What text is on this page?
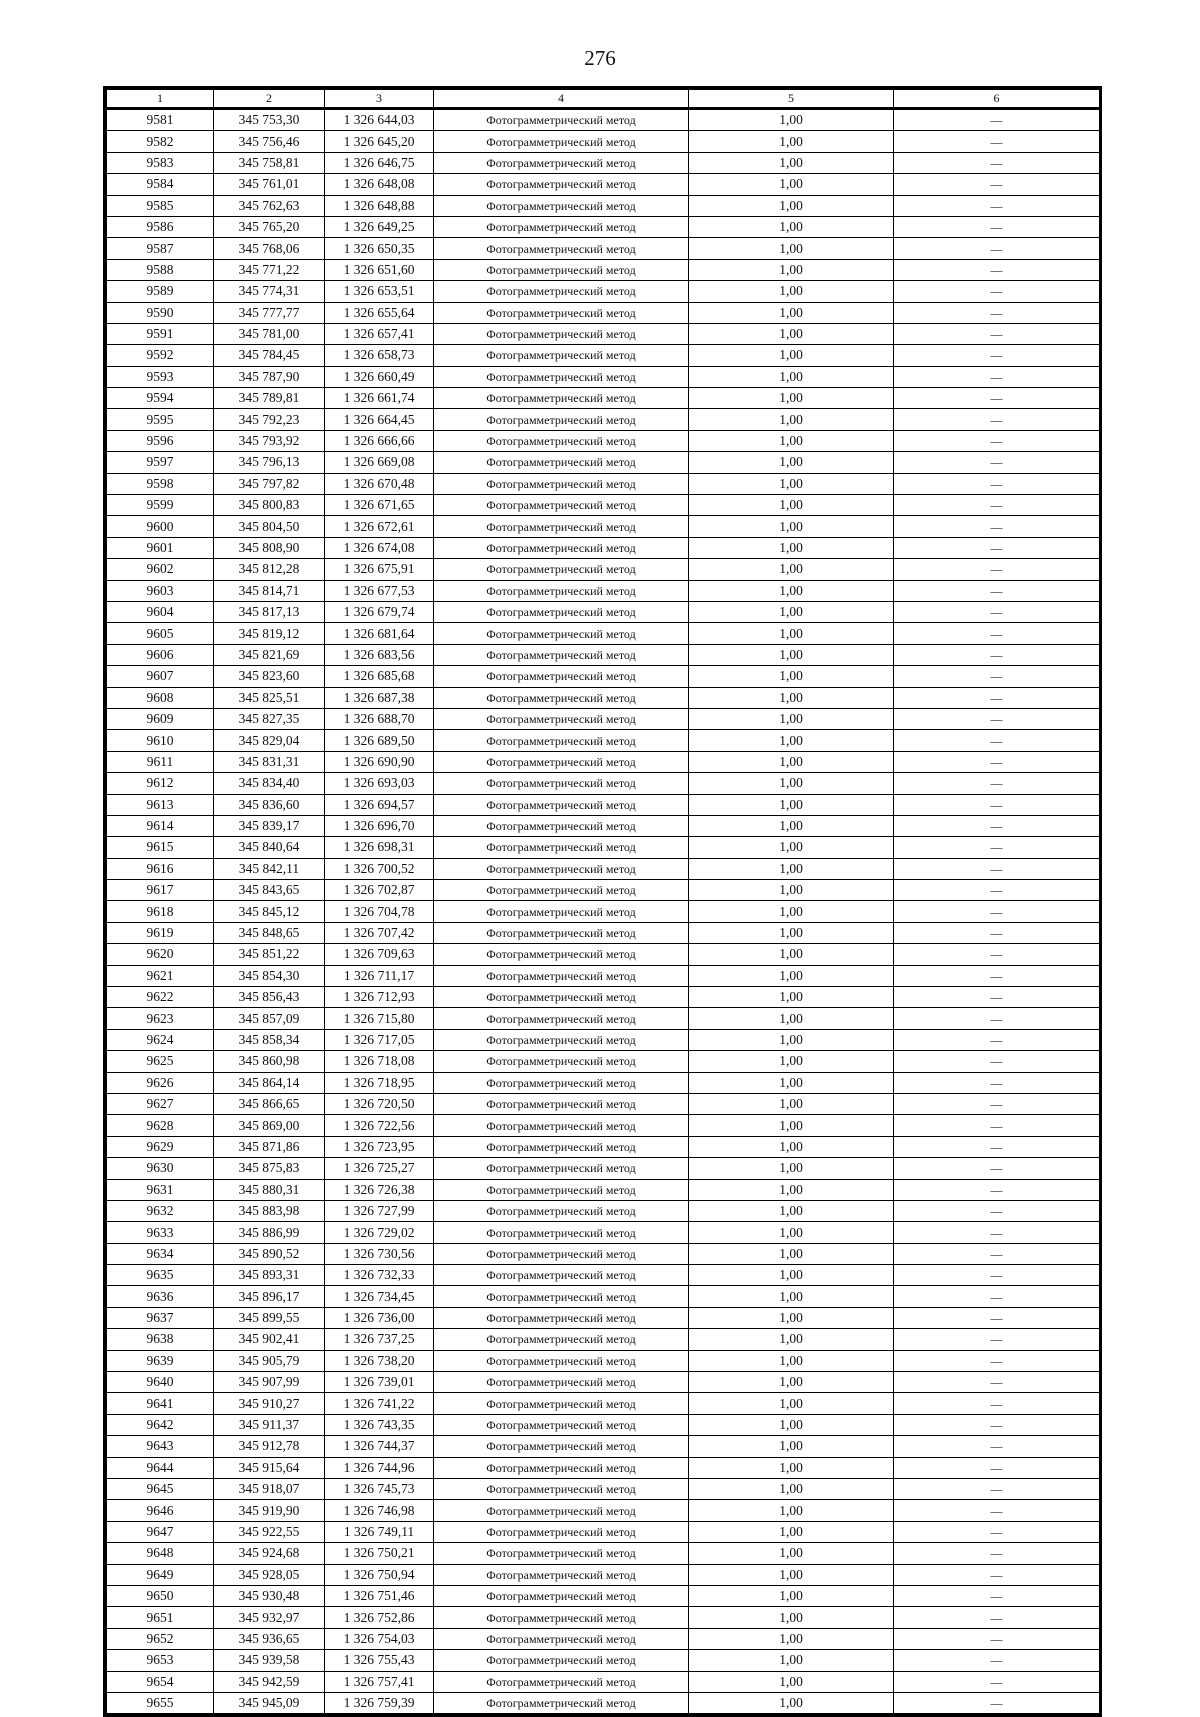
276
1	2	3	4	5	6
9581	345 753,30	1 326 644,03	Фотограмметрический метод	1,00	—
9582	345 756,46	1 326 645,20	Фотограмметрический метод	1,00	—
9583	345 758,81	1 326 646,75	Фотограмметрический метод	1,00	—
9584	345 761,01	1 326 648,08	Фотограмметрический метод	1,00	—
9585	345 762,63	1 326 648,88	Фотограмметрический метод	1,00	—
9586	345 765,20	1 326 649,25	Фотограмметрический метод	1,00	—
9587	345 768,06	1 326 650,35	Фотограмметрический метод	1,00	—
9588	345 771,22	1 326 651,60	Фотограмметрический метод	1,00	—
9589	345 774,31	1 326 653,51	Фотограмметрический метод	1,00	—
9590	345 777,77	1 326 655,64	Фотограмметрический метод	1,00	—
9591	345 781,00	1 326 657,41	Фотограмметрический метод	1,00	—
9592	345 784,45	1 326 658,73	Фотограмметрический метод	1,00	—
9593	345 787,90	1 326 660,49	Фотограмметрический метод	1,00	—
9594	345 789,81	1 326 661,74	Фотограмметрический метод	1,00	—
9595	345 792,23	1 326 664,45	Фотограмметрический метод	1,00	—
9596	345 793,92	1 326 666,66	Фотограмметрический метод	1,00	—
9597	345 796,13	1 326 669,08	Фотограмметрический метод	1,00	—
9598	345 797,82	1 326 670,48	Фотограмметрический метод	1,00	—
9599	345 800,83	1 326 671,65	Фотограмметрический метод	1,00	—
9600	345 804,50	1 326 672,61	Фотограмметрический метод	1,00	—
9601	345 808,90	1 326 674,08	Фотограмметрический метод	1,00	—
9602	345 812,28	1 326 675,91	Фотограмметрический метод	1,00	—
9603	345 814,71	1 326 677,53	Фотограмметрический метод	1,00	—
9604	345 817,13	1 326 679,74	Фотограмметрический метод	1,00	—
9605	345 819,12	1 326 681,64	Фотограмметрический метод	1,00	—
9606	345 821,69	1 326 683,56	Фотограмметрический метод	1,00	—
9607	345 823,60	1 326 685,68	Фотограмметрический метод	1,00	—
9608	345 825,51	1 326 687,38	Фотограмметрический метод	1,00	—
9609	345 827,35	1 326 688,70	Фотограмметрический метод	1,00	—
9610	345 829,04	1 326 689,50	Фотограмметрический метод	1,00	—
9611	345 831,31	1 326 690,90	Фотограмметрический метод	1,00	—
9612	345 834,40	1 326 693,03	Фотограмметрический метод	1,00	—
9613	345 836,60	1 326 694,57	Фотограмметрический метод	1,00	—
9614	345 839,17	1 326 696,70	Фотограмметрический метод	1,00	—
9615	345 840,64	1 326 698,31	Фотограмметрический метод	1,00	—
9616	345 842,11	1 326 700,52	Фотограмметрический метод	1,00	—
9617	345 843,65	1 326 702,87	Фотограмметрический метод	1,00	—
9618	345 845,12	1 326 704,78	Фотограмметрический метод	1,00	—
9619	345 848,65	1 326 707,42	Фотограмметрический метод	1,00	—
9620	345 851,22	1 326 709,63	Фотограмметрический метод	1,00	—
9621	345 854,30	1 326 711,17	Фотограмметрический метод	1,00	—
9622	345 856,43	1 326 712,93	Фотограмметрический метод	1,00	—
9623	345 857,09	1 326 715,80	Фотограмметрический метод	1,00	—
9624	345 858,34	1 326 717,05	Фотограмметрический метод	1,00	—
9625	345 860,98	1 326 718,08	Фотограмметрический метод	1,00	—
9626	345 864,14	1 326 718,95	Фотограмметрический метод	1,00	—
9627	345 866,65	1 326 720,50	Фотограмметрический метод	1,00	—
9628	345 869,00	1 326 722,56	Фотограмметрический метод	1,00	—
9629	345 871,86	1 326 723,95	Фотограмметрический метод	1,00	—
9630	345 875,83	1 326 725,27	Фотограмметрический метод	1,00	—
9631	345 880,31	1 326 726,38	Фотограмметрический метод	1,00	—
9632	345 883,98	1 326 727,99	Фотограмметрический метод	1,00	—
9633	345 886,99	1 326 729,02	Фотограмметрический метод	1,00	—
9634	345 890,52	1 326 730,56	Фотограмметрический метод	1,00	—
9635	345 893,31	1 326 732,33	Фотограмметрический метод	1,00	—
9636	345 896,17	1 326 734,45	Фотограмметрический метод	1,00	—
9637	345 899,55	1 326 736,00	Фотограмметрический метод	1,00	—
9638	345 902,41	1 326 737,25	Фотограмметрический метод	1,00	—
9639	345 905,79	1 326 738,20	Фотограмметрический метод	1,00	—
9640	345 907,99	1 326 739,01	Фотограмметрический метод	1,00	—
9641	345 910,27	1 326 741,22	Фотограмметрический метод	1,00	—
9642	345 911,37	1 326 743,35	Фотограмметрический метод	1,00	—
9643	345 912,78	1 326 744,37	Фотограмметрический метод	1,00	—
9644	345 915,64	1 326 744,96	Фотограмметрический метод	1,00	—
9645	345 918,07	1 326 745,73	Фотограмметрический метод	1,00	—
9646	345 919,90	1 326 746,98	Фотограмметрический метод	1,00	—
9647	345 922,55	1 326 749,11	Фотограмметрический метод	1,00	—
9648	345 924,68	1 326 750,21	Фотограмметрический метод	1,00	—
9649	345 928,05	1 326 750,94	Фотограмметрический метод	1,00	—
9650	345 930,48	1 326 751,46	Фотограмметрический метод	1,00	—
9651	345 932,97	1 326 752,86	Фотограмметрический метод	1,00	—
9652	345 936,65	1 326 754,03	Фотограмметрический метод	1,00	—
9653	345 939,58	1 326 755,43	Фотограмметрический метод	1,00	—
9654	345 942,59	1 326 757,41	Фотограмметрический метод	1,00	—
9655	345 945,09	1 326 759,39	Фотограмметрический метод	1,00	—
